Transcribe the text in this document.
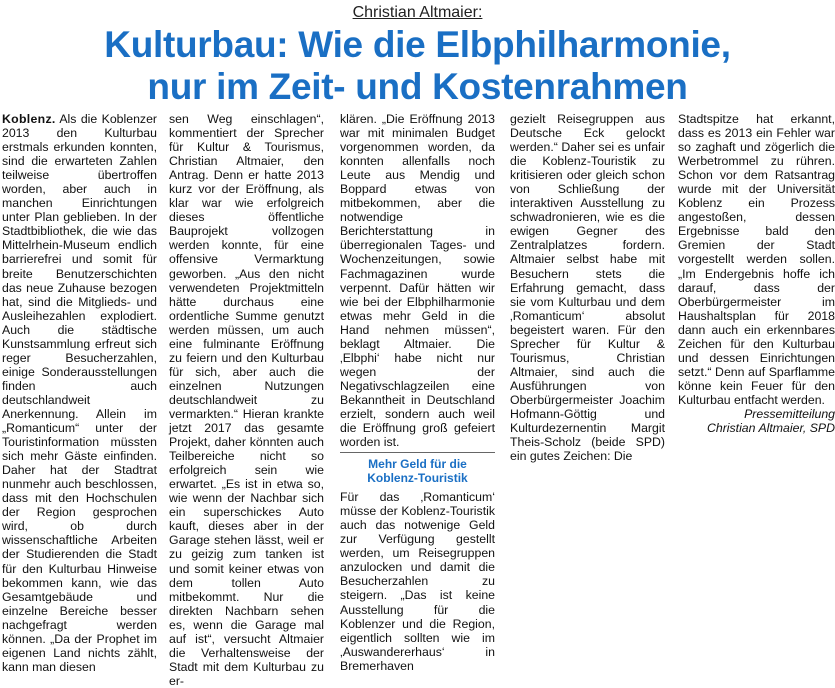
Christian Altmaier:
Kulturbau: Wie die Elbphilharmonie,
nur im Zeit- und Kostenrahmen

Koblenz. Als die Koblenzer 2013 den Kulturbau erstmals erkunden konnten, sind die erwarteten Zahlen teilweise übertroffen worden, aber auch in manchen Einrichtungen unter Plan geblieben. In der Stadtbibliothek, die wie das Mittelrhein-Museum endlich barrierefrei und somit für breite Benutzerschichten das neue Zuhause bezogen hat, sind die Mitglieds- und Ausleihezahlen explodiert. Auch die städtische Kunstsammlung erfreut sich reger Besucherzahlen, einige Sonderausstellungen finden auch deutschlandweit Anerkennung. Allein im „Romanticum“ unter der Touristinformation müssten sich mehr Gäste einfinden. Daher hat der Stadtrat nunmehr auch beschlossen, dass mit den Hochschulen der Region gesprochen wird, ob durch wissenschaftliche Arbeiten der Studierenden die Stadt für den Kulturbau Hinweise bekommen kann, wie das Gesamtgebäude und einzelne Bereiche besser nachgefragt werden können. „Da der Prophet im eigenen Land nichts zählt, kann man diesen

sen Weg einschlagen“, kommentiert der Sprecher für Kultur & Tourismus, Christian Altmaier, den Antrag. Denn er hatte 2013 kurz vor der Eröffnung, als klar war wie erfolgreich dieses öffentliche Bauprojekt vollzogen werden konnte, für eine offensive Vermarktung geworben. „Aus den nicht verwendeten Projektmitteln hätte durchaus eine ordentliche Summe genutzt werden müssen, um auch eine fulminante Eröffnung zu feiern und den Kulturbau für sich, aber auch die einzelnen Nutzungen deutschlandweit zu vermarkten.“ Hieran krankte jetzt 2017 das gesamte Projekt, daher könnten auch Teilbereiche nicht so erfolgreich sein wie erwartet. „Es ist in etwa so, wie wenn der Nachbar sich ein superschickes Auto kauft, dieses aber in der Garage stehen lässt, weil er zu geizig zum tanken ist und somit keiner etwas von dem tollen Auto mitbekommt. Nur die direkten Nachbarn sehen es, wenn die Garage mal auf ist“, versucht Altmaier die Verhaltensweise der Stadt mit dem Kulturbau zu er-

klären. „Die Eröffnung 2013 war mit minimalen Budget vorgenommen worden, da konnten allenfalls noch Leute aus Mendig und Boppard etwas von mitbekommen, aber die notwendige Berichterstattung in überregionalen Tages- und Wochenzeitungen, sowie Fachmagazinen wurde verpennt. Dafür hätten wir wie bei der Elbphilharmonie etwas mehr Geld in die Hand nehmen müssen“, beklagt Altmaier. Die ‚Elbphi‘ habe nicht nur wegen der Negativschlagzeilen eine Bekanntheit in Deutschland erzielt, sondern auch weil die Eröffnung groß gefeiert worden ist.

Mehr Geld für die
Koblenz-Touristik

Für das ‚Romanticum‘ müsse der Koblenz-Touristik auch das notwenige Geld zur Verfügung gestellt werden, um Reisegruppen anzulocken und damit die Besucherzahlen zu steigern. „Das ist keine Ausstellung für die Koblenzer und die Region, eigentlich sollten wie im ‚Auswandererhaus‘ in Bremerhaven

gezielt Reisegruppen aus Deutsche Eck gelockt werden.“ Daher sei es unfair die Koblenz-Touristik zu kritisieren oder gleich schon von Schließung der interaktiven Ausstellung zu schwadronieren, wie es die ewigen Gegner des Zentralplatzes fordern. Altmaier selbst habe mit Besuchern stets die Erfahrung gemacht, dass sie vom Kulturbau und dem ‚Romanticum‘ absolut begeistert waren. Für den Sprecher für Kultur & Tourismus, Christian Altmaier, sind auch die Ausführungen von Oberbürgermeister Joachim Hofmann-Göttig und Kulturdezernentin Margit Theis-Scholz (beide SPD) ein gutes Zeichen: Die

Stadtspitze hat erkannt, dass es 2013 ein Fehler war so zaghaft und zögerlich die Werbetrommel zu rühren. Schon vor dem Ratsantrag wurde mit der Universität Koblenz ein Prozess angestoßen, dessen Ergebnisse bald den Gremien der Stadt vorgestellt werden sollen. „Im Endergebnis hoffe ich darauf, dass der Oberbürgermeister im Haushaltsplan für 2018 dann auch ein erkennbares Zeichen für den Kulturbau und dessen Einrichtungen setzt.“ Denn auf Sparflamme könne kein Feuer für den Kulturbau entfacht werden.

Pressemitteilung
Christian Altmaier, SPD
